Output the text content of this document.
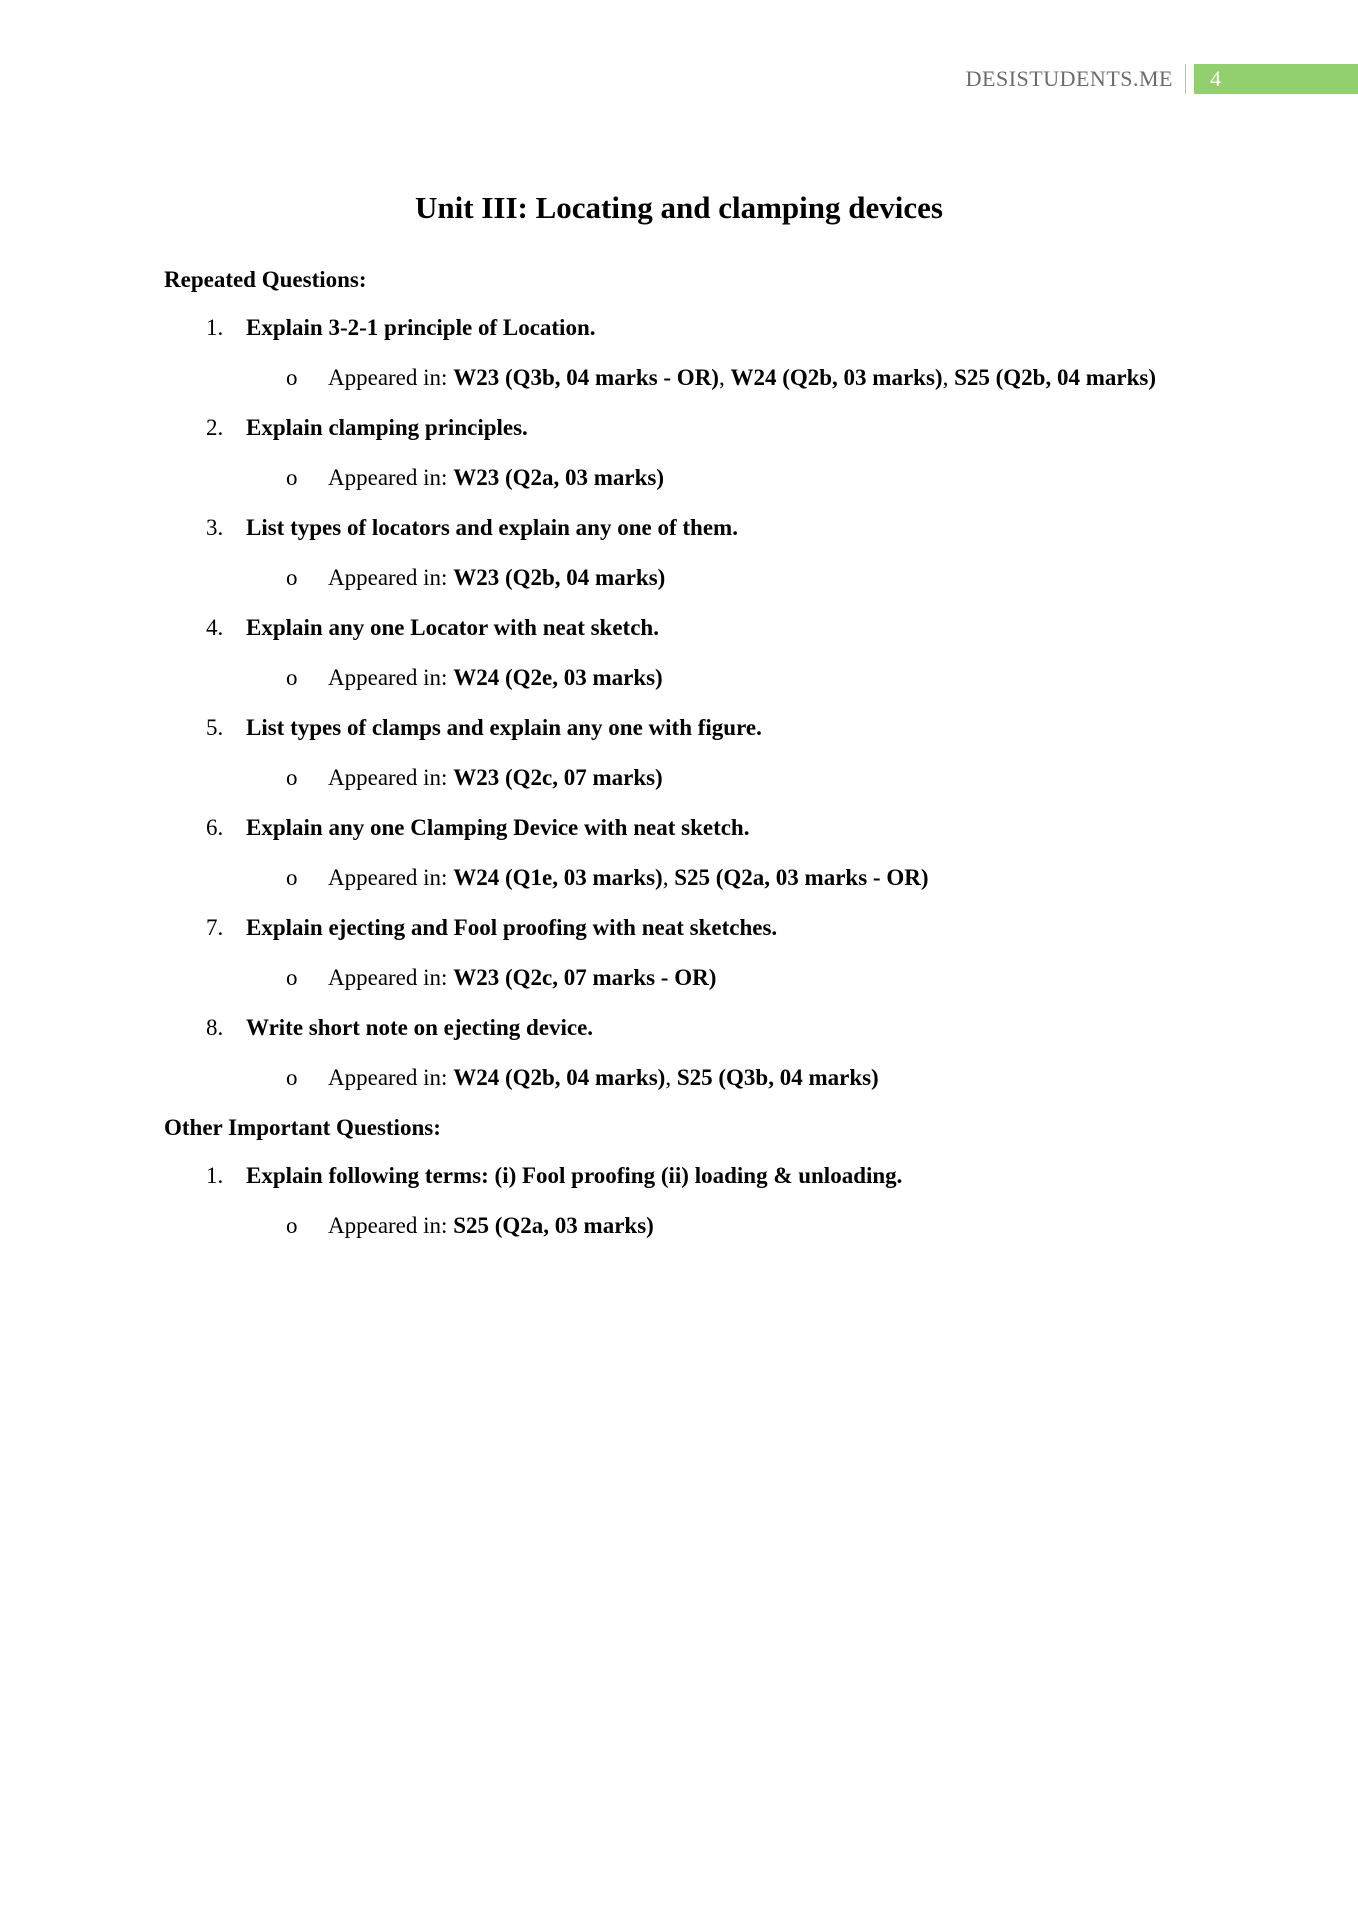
DESISTUDENTS.ME	4
Unit III: Locating and clamping devices
Repeated Questions:
1. Explain 3-2-1 principle of Location.
o	Appeared in: W23 (Q3b, 04 marks - OR), W24 (Q2b, 03 marks), S25 (Q2b, 04 marks)
2. Explain clamping principles.
o	Appeared in: W23 (Q2a, 03 marks)
3. List types of locators and explain any one of them.
o	Appeared in: W23 (Q2b, 04 marks)
4. Explain any one Locator with neat sketch.
o	Appeared in: W24 (Q2e, 03 marks)
5. List types of clamps and explain any one with figure.
o	Appeared in: W23 (Q2c, 07 marks)
6. Explain any one Clamping Device with neat sketch.
o	Appeared in: W24 (Q1e, 03 marks), S25 (Q2a, 03 marks - OR)
7. Explain ejecting and Fool proofing with neat sketches.
o	Appeared in: W23 (Q2c, 07 marks - OR)
8. Write short note on ejecting device.
o	Appeared in: W24 (Q2b, 04 marks), S25 (Q3b, 04 marks)
Other Important Questions:
1. Explain following terms: (i) Fool proofing (ii) loading & unloading.
o	Appeared in: S25 (Q2a, 03 marks)
